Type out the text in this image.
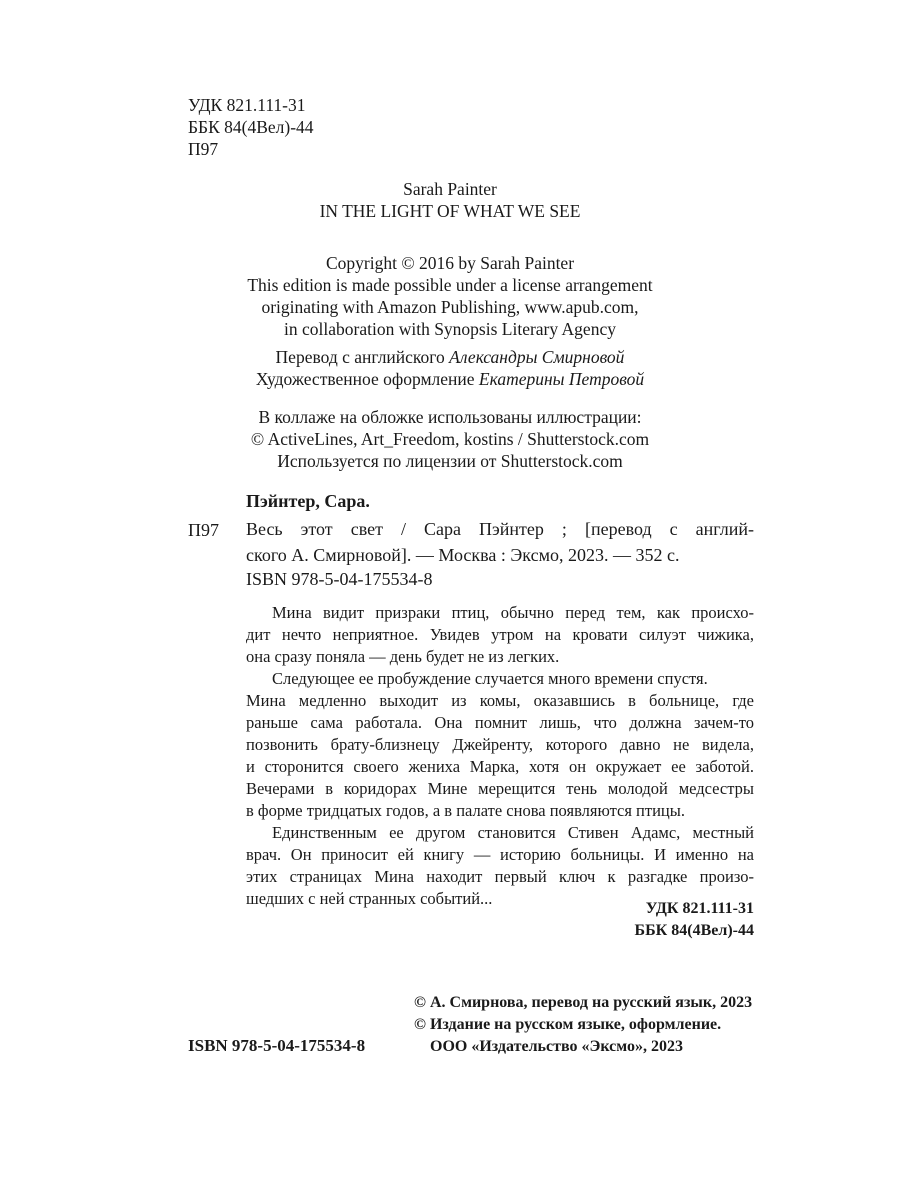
УДК 821.111-31
ББК 84(4Вел)-44
П97
Sarah Painter
IN THE LIGHT OF WHAT WE SEE
Copyright © 2016 by Sarah Painter
This edition is made possible under a license arrangement
originating with Amazon Publishing, www.apub.com,
in collaboration with Synopsis Literary Agency
Перевод с английского Александры Смирновой
Художественное оформление Екатерины Петровой
В коллаже на обложке использованы иллюстрации:
© ActiveLines, Art_Freedom, kostins / Shutterstock.com
Используется по лицензии от Shutterstock.com
Пэйнтер, Сара.
П97 Весь этот свет / Сара Пэйнтер ; [перевод с англий-
ского А. Смирновой]. — Москва : Эксмо, 2023. — 352 с.
ISBN 978-5-04-175534-8
Мина видит призраки птиц, обычно перед тем, как происхо-
дит нечто неприятное. Увидев утром на кровати силуэт чижика,
она сразу поняла — день будет не из легких.
Следующее ее пробуждение случается много времени спустя.
Мина медленно выходит из комы, оказавшись в больнице, где
раньше сама работала. Она помнит лишь, что должна зачем-то
позвонить брату-близнецу Джейренту, которого давно не видела,
и сторонится своего жениха Марка, хотя он окружает ее заботой.
Вечерами в коридорах Мине мерещится тень молодой медсестры
в форме тридцатых годов, а в палате снова появляются птицы.
Единственным ее другом становится Стивен Адамс, местный
врач. Он приносит ей книгу — историю больницы. И именно на
этих страницах Мина находит первый ключ к разгадке произо-
шедших с ней странных событий...
УДК 821.111-31
ББК 84(4Вел)-44
© А. Смирнова, перевод на русский язык, 2023
© Издание на русском языке, оформление.
ООО «Издательство «Эксмо», 2023
ISBN 978-5-04-175534-8
